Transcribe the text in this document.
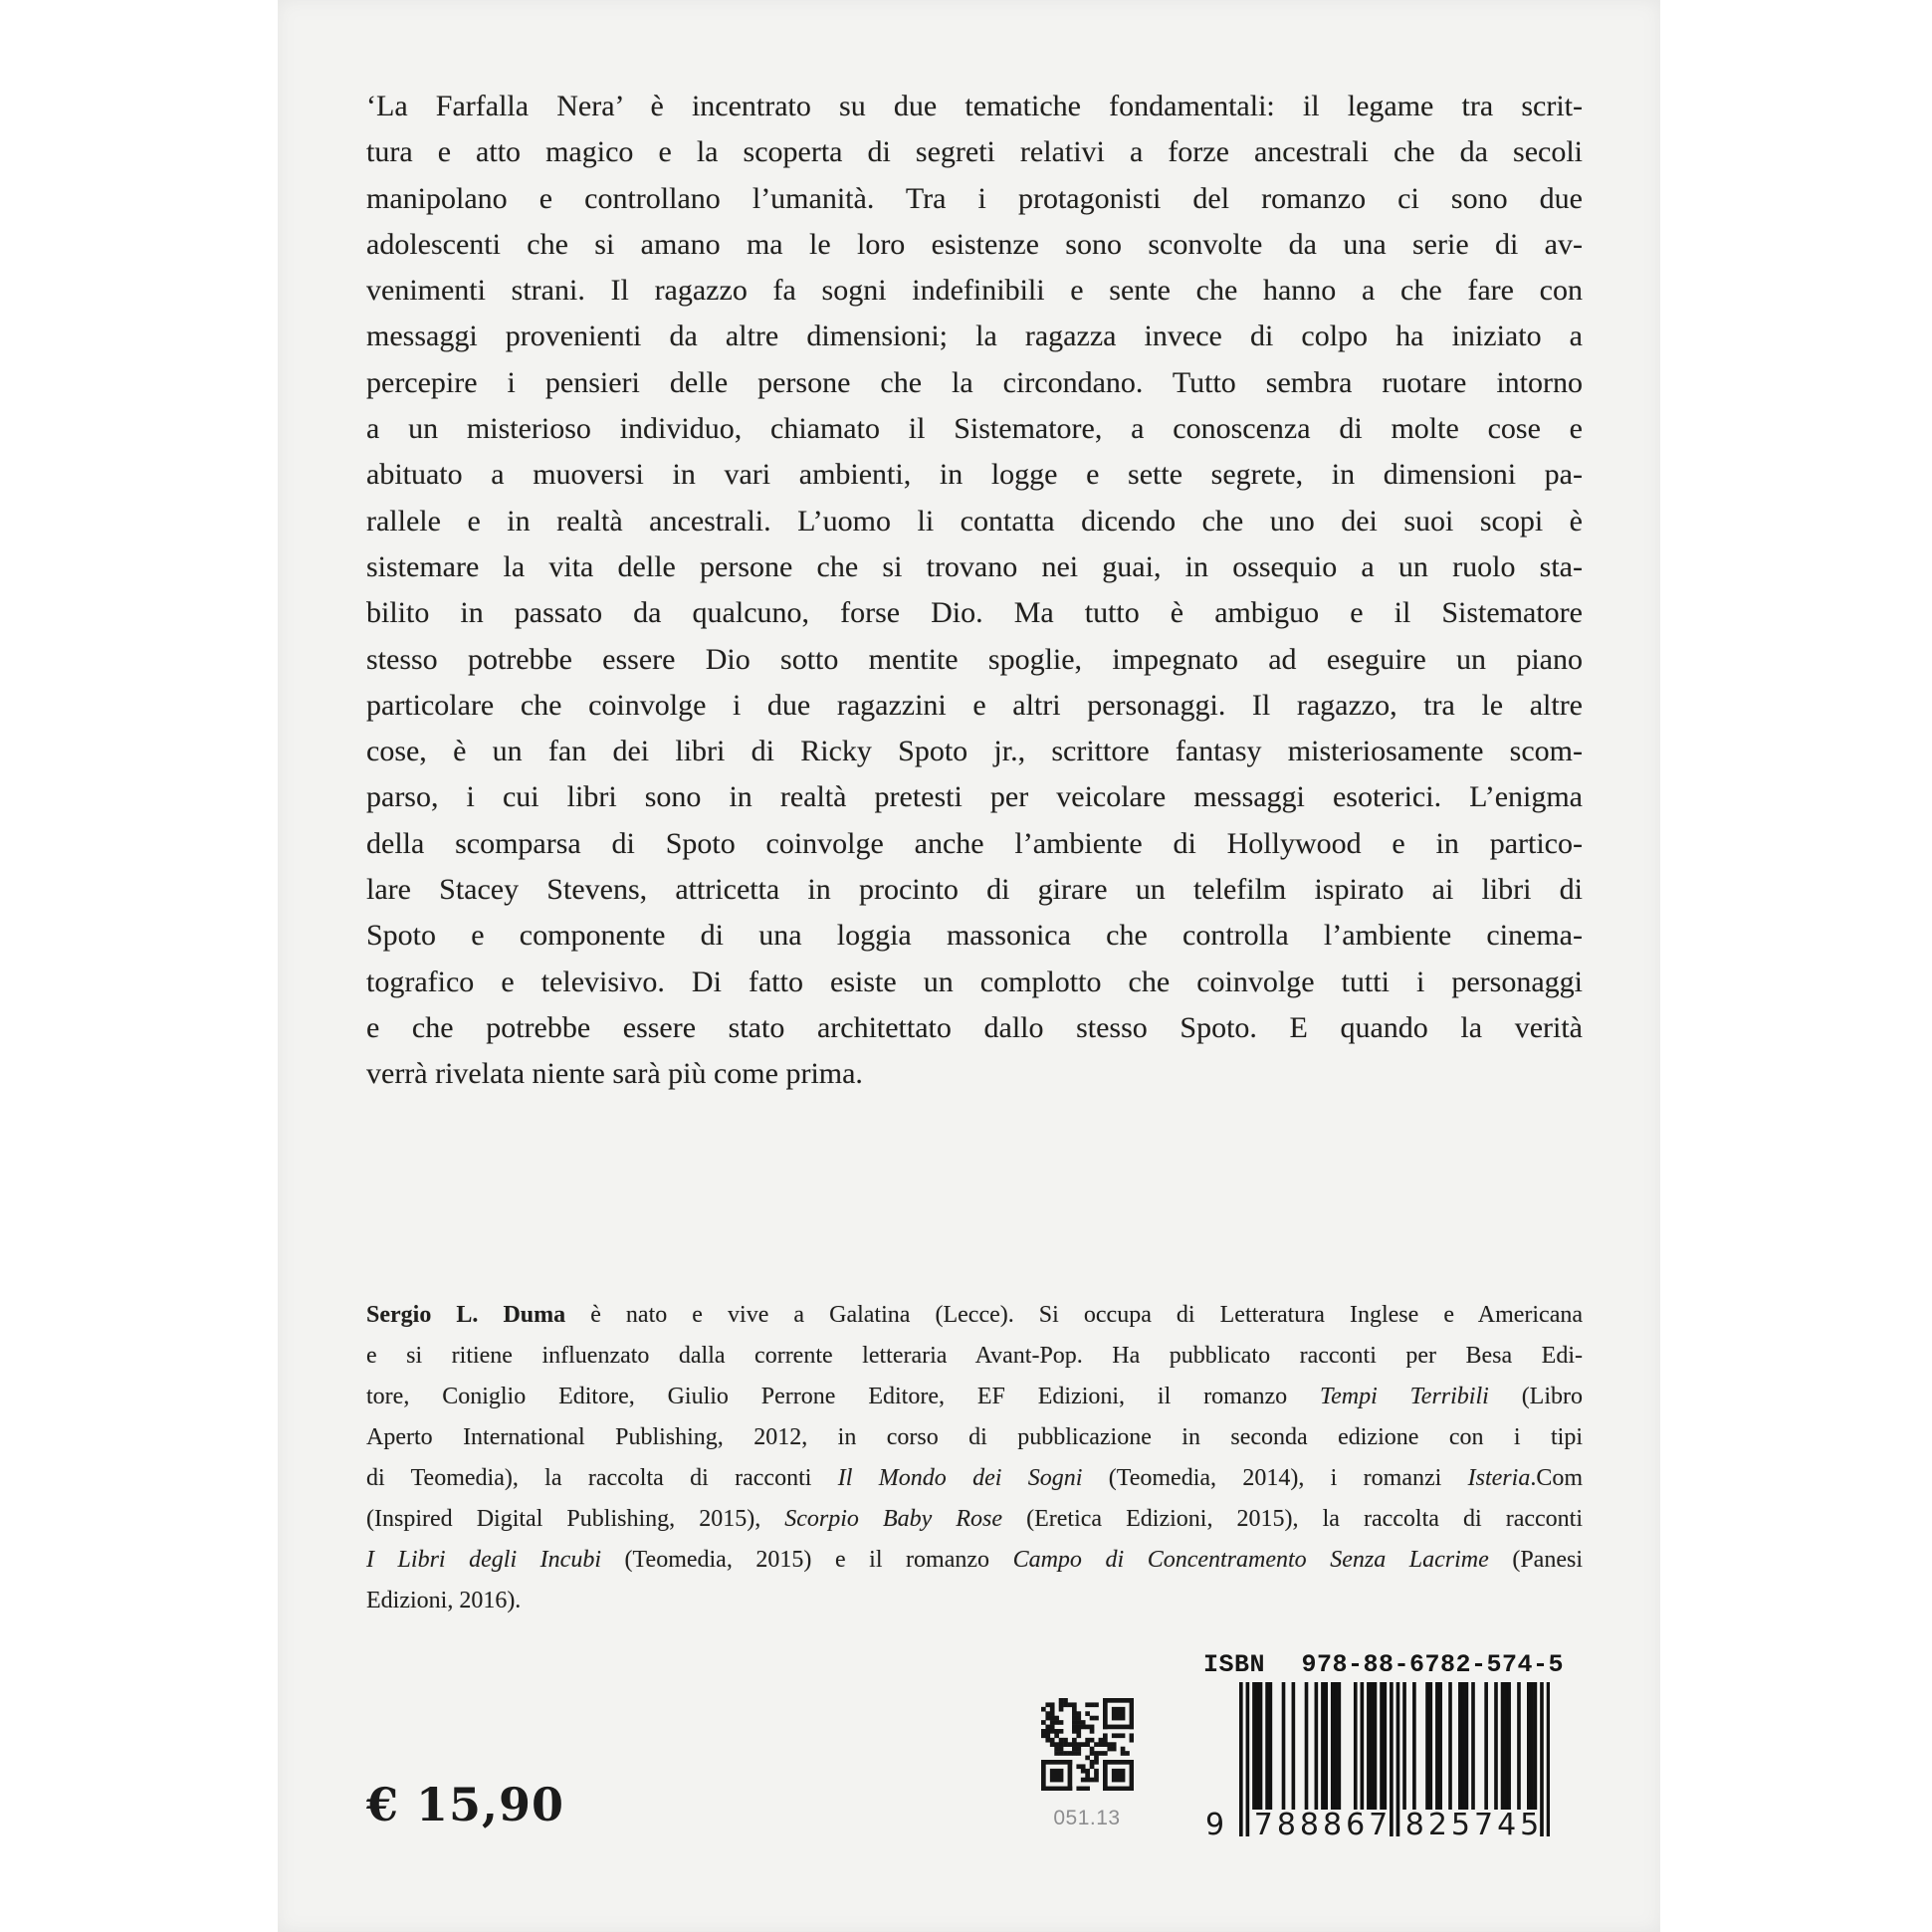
‘La Farfalla Nera’ è incentrato su due tematiche fondamentali: il legame tra scrit-
tura e atto magico e la scoperta di segreti relativi a forze ancestrali che da secoli
manipolano e controllano l’umanità. Tra i protagonisti del romanzo ci sono due
adolescenti che si amano ma le loro esistenze sono sconvolte da una serie di av-
venimenti strani. Il ragazzo fa sogni indefinibili e sente che hanno a che fare con
messaggi provenienti da altre dimensioni; la ragazza invece di colpo ha iniziato a
percepire i pensieri delle persone che la circondano. Tutto sembra ruotare intorno
a un misterioso individuo, chiamato il Sistematore, a conoscenza di molte cose e
abituato a muoversi in vari ambienti, in logge e sette segrete, in dimensioni pa-
rallele e in realtà ancestrali. L’uomo li contatta dicendo che uno dei suoi scopi è
sistemare la vita delle persone che si trovano nei guai, in ossequio a un ruolo sta-
bilito in passato da qualcuno, forse Dio. Ma tutto è ambiguo e il Sistematore
stesso potrebbe essere Dio sotto mentite spoglie, impegnato ad eseguire un piano
particolare che coinvolge i due ragazzini e altri personaggi. Il ragazzo, tra le altre
cose, è un fan dei libri di Ricky Spoto jr., scrittore fantasy misteriosamente scom-
parso, i cui libri sono in realtà pretesti per veicolare messaggi esoterici. L’enigma
della scomparsa di Spoto coinvolge anche l’ambiente di Hollywood e in partico-
lare Stacey Stevens, attricetta in procinto di girare un telefilm ispirato ai libri di
Spoto e componente di una loggia massonica che controlla l’ambiente cinema-
tografico e televisivo. Di fatto esiste un complotto che coinvolge tutti i personaggi
e che potrebbe essere stato architettato dallo stesso Spoto. E quando la verità
verrà rivelata niente sarà più come prima.
Sergio L. Duma è nato e vive a Galatina (Lecce). Si occupa di Letteratura Inglese e Americana
e si ritiene influenzato dalla corrente letteraria Avant-Pop. Ha pubblicato racconti per Besa Edi-
tore, Coniglio Editore, Giulio Perrone Editore, EF Edizioni, il romanzo Tempi Terribili (Libro
Aperto International Publishing, 2012, in corso di pubblicazione in seconda edizione con i tipi
di Teomedia), la raccolta di racconti Il Mondo dei Sogni (Teomedia, 2014), i romanzi Isteria.Com
(Inspired Digital Publishing, 2015), Scorpio Baby Rose (Eretica Edizioni, 2015), la raccolta di racconti
I Libri degli Incubi (Teomedia, 2015) e il romanzo Campo di Concentramento Senza Lacrime (Panesi
Edizioni, 2016).
€ 15,90	051.13
ISBN 978-88-6782-574-5
9 788867 825745
